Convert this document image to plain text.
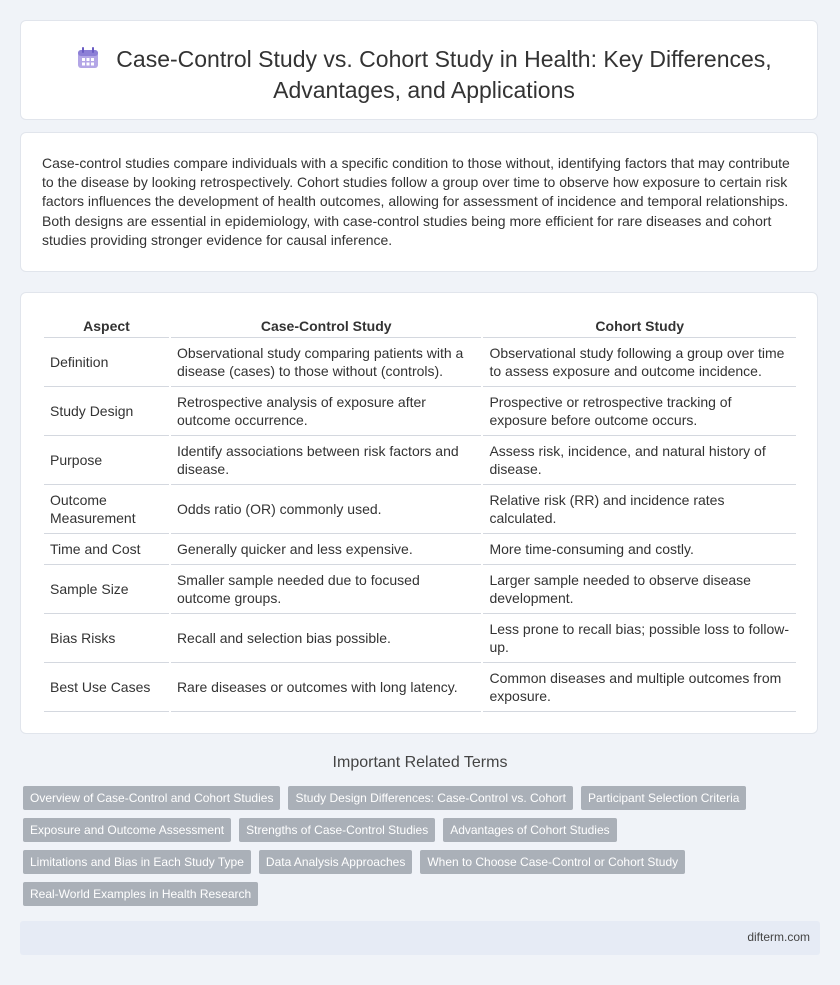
Case-Control Study vs. Cohort Study in Health: Key Differences, Advantages, and Applications
Case-control studies compare individuals with a specific condition to those without, identifying factors that may contribute to the disease by looking retrospectively. Cohort studies follow a group over time to observe how exposure to certain risk factors influences the development of health outcomes, allowing for assessment of incidence and temporal relationships. Both designs are essential in epidemiology, with case-control studies being more efficient for rare diseases and cohort studies providing stronger evidence for causal inference.
Aspect	Case-Control Study	Cohort Study
Definition	Observational study comparing patients with a disease (cases) to those without (controls).	Observational study following a group over time to assess exposure and outcome incidence.
Study Design	Retrospective analysis of exposure after outcome occurrence.	Prospective or retrospective tracking of exposure before outcome occurs.
Purpose	Identify associations between risk factors and disease.	Assess risk, incidence, and natural history of disease.
Outcome Measurement	Odds ratio (OR) commonly used.	Relative risk (RR) and incidence rates calculated.
Time and Cost	Generally quicker and less expensive.	More time-consuming and costly.
Sample Size	Smaller sample needed due to focused outcome groups.	Larger sample needed to observe disease development.
Bias Risks	Recall and selection bias possible.	Less prone to recall bias; possible loss to follow-up.
Best Use Cases	Rare diseases or outcomes with long latency.	Common diseases and multiple outcomes from exposure.
Important Related Terms
Overview of Case-Control and Cohort Studies	Study Design Differences: Case-Control vs. Cohort	Participant Selection Criteria
Exposure and Outcome Assessment	Strengths of Case-Control Studies	Advantages of Cohort Studies
Limitations and Bias in Each Study Type	Data Analysis Approaches	When to Choose Case-Control or Cohort Study
Real-World Examples in Health Research
difterm.com
